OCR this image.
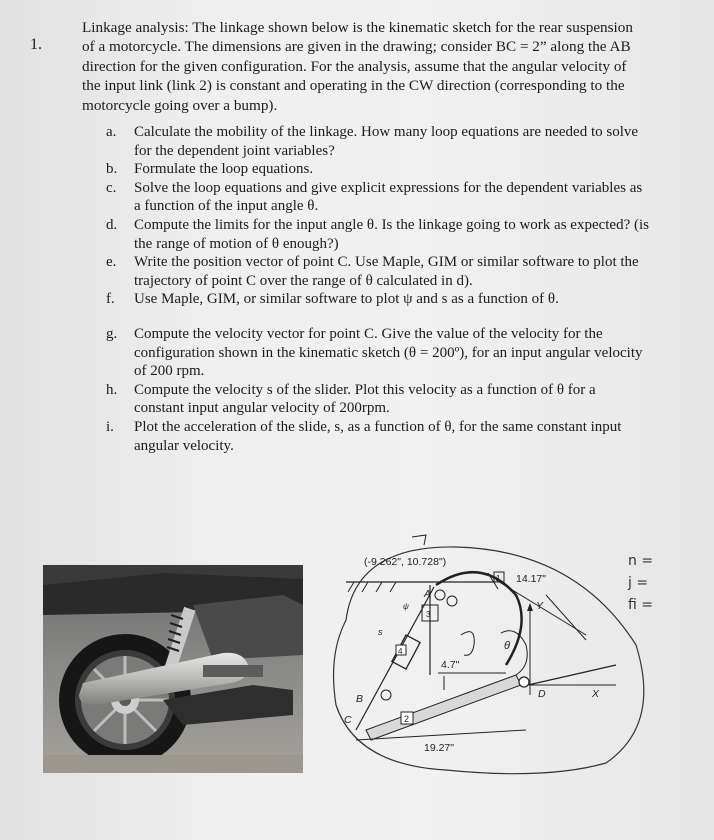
1.

Linkage analysis: The linkage shown below is the kinematic sketch for the rear suspension of a motorcycle. The dimensions are given in the drawing; consider BC = 2” along the AB direction for the given configuration. For the analysis, assume that the angular velocity of the input link (link 2) is constant and operating in the CW direction (corresponding to the motorcycle going over a bump).

a.	Calculate the mobility of the linkage. How many loop equations are needed to solve for the dependent joint variables?
b.	Formulate the loop equations.
c.	Solve the loop equations and give explicit expressions for the dependent variables as a function of the input angle θ.
d.	Compute the limits for the input angle θ. Is the linkage going to work as expected? (is the range of motion of θ enough?)
e.	Write the position vector of point C. Use Maple, GIM or similar software to plot the trajectory of point C over the range of θ calculated in d).
f.	Use Maple, GIM, or similar software to plot ψ and s as a function of θ.
g.	Compute the velocity vector for point C. Give the value of the velocity for the configuration shown in the kinematic sketch (θ = 200º), for an input angular velocity of 200 rpm.
h.	Compute the velocity s of the slider. Plot this velocity as a function of θ for a constant input angular velocity of 200rpm.
i.	Plot the acceleration of the slide, s, as a function of θ, for the same constant input angular velocity.
(-9.262", 10.728")
1 14.17"
Y
2
D	X
θ
4
3
A
ψ
s
4.7"
B
C
19.27"
n =
j =
fi =
